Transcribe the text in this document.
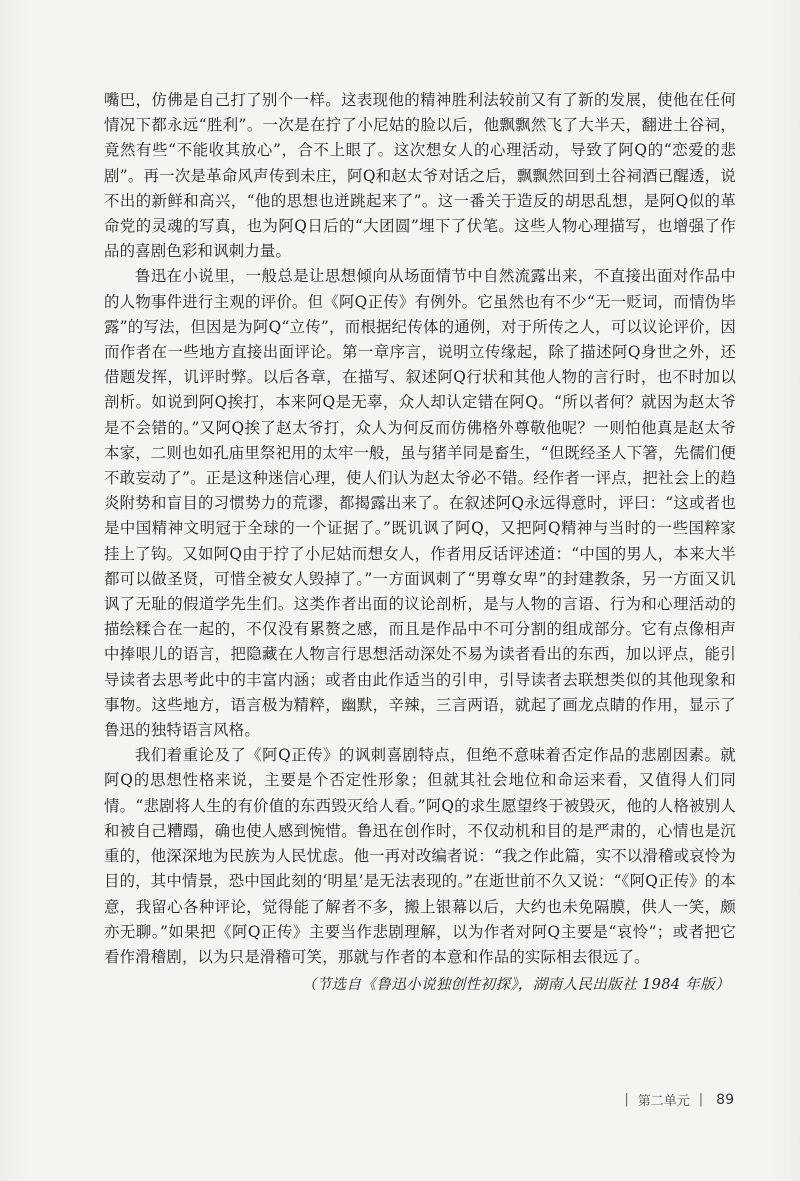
嘴巴，仿佛是自己打了别个一样。这表现他的精神胜利法较前又有了新的发展，使他在任何情况下都永远“胜利”。一次是在拧了小尼姑的脸以后，他飘飘然飞了大半天，翻进土谷祠，竟然有些“不能收其放心”，合不上眼了。这次想女人的心理活动，导致了阿Q的“恋爱的悲剧”。再一次是革命风声传到未庄，阿Q和赵太爷对话之后，飘飘然回到土谷祠酒已醒透，说不出的新鲜和高兴，“他的思想也迸跳起来了”。这一番关于造反的胡思乱想，是阿Q似的革命党的灵魂的写真，也为阿Q日后的“大团圆”埋下了伏笔。这些人物心理描写，也增强了作品的喜剧色彩和讽刺力量。

鲁迅在小说里，一般总是让思想倾向从场面情节中自然流露出来，不直接出面对作品中的人物事件进行主观的评价。但《阿Q正传》有例外。它虽然也有不少“无一贬词，而情伪毕露”的写法，但因是为阿Q“立传”，而根据纪传体的通例，对于所传之人，可以议论评价，因而作者在一些地方直接出面评论。第一章序言，说明立传缘起，除了描述阿Q身世之外，还借题发挥，讥评时弊。以后各章，在描写、叙述阿Q行状和其他人物的言行时，也不时加以剖析。如说到阿Q挨打，本来阿Q是无辜，众人却认定错在阿Q。“所以者何？就因为赵太爷是不会错的。”又阿Q挨了赵太爷打，众人为何反而仿佛格外尊敬他呢？一则怕他真是赵太爷本家，二则也如孔庙里祭祀用的太牢一般，虽与猪羊同是畜生，“但既经圣人下箸，先儒们便不敢妄动了”。正是这种迷信心理，使人们认为赵太爷必不错。经作者一评点，把社会上的趋炎附势和盲目的习惯势力的荒谬，都揭露出来了。在叙述阿Q永远得意时，评曰：“这或者也是中国精神文明冠于全球的一个证据了。”既讥讽了阿Q，又把阿Q精神与当时的一些国粹家挂上了钩。又如阿Q由于拧了小尼姑而想女人，作者用反话评述道：“中国的男人，本来大半都可以做圣贤，可惜全被女人毁掉了。”一方面讽刺了“男尊女卑”的封建教条，另一方面又讥讽了无耻的假道学先生们。这类作者出面的议论剖析，是与人物的言语、行为和心理活动的描绘糅合在一起的，不仅没有累赘之感，而且是作品中不可分割的组成部分。它有点像相声中捧哏儿的语言，把隐藏在人物言行思想活动深处不易为读者看出的东西，加以评点，能引导读者去思考此中的丰富内涵；或者由此作适当的引申，引导读者去联想类似的其他现象和事物。这些地方，语言极为精粹，幽默，辛辣，三言两语，就起了画龙点睛的作用，显示了鲁迅的独特语言风格。

我们着重论及了《阿Q正传》的讽刺喜剧特点，但绝不意味着否定作品的悲剧因素。就阿Q的思想性格来说，主要是个否定性形象；但就其社会地位和命运来看，又值得人们同情。“悲剧将人生的有价值的东西毁灭给人看。”阿Q的求生愿望终于被毁灭，他的人格被别人和被自己糟蹋，确也使人感到惋惜。鲁迅在创作时，不仅动机和目的是严肃的，心情也是沉重的，他深深地为民族为人民忧虑。他一再对改编者说：“我之作此篇，实不以滑稽或哀怜为目的，其中情景，恐中国此刻的‘明星’是无法表现的。”在逝世前不久又说：“《阿Q正传》的本意，我留心各种评论，觉得能了解者不多，搬上银幕以后，大约也未免隔膜，供人一笑，颇亦无聊。”如果把《阿Q正传》主要当作悲剧理解，以为作者对阿Q主要是“哀怜”；或者把它看作滑稽剧，以为只是滑稽可笑，那就与作者的本意和作品的实际相去很远了。

（节选自《鲁迅小说独创性初探》，湖南人民出版社 1984 年版）

| 第二单元 | 89
